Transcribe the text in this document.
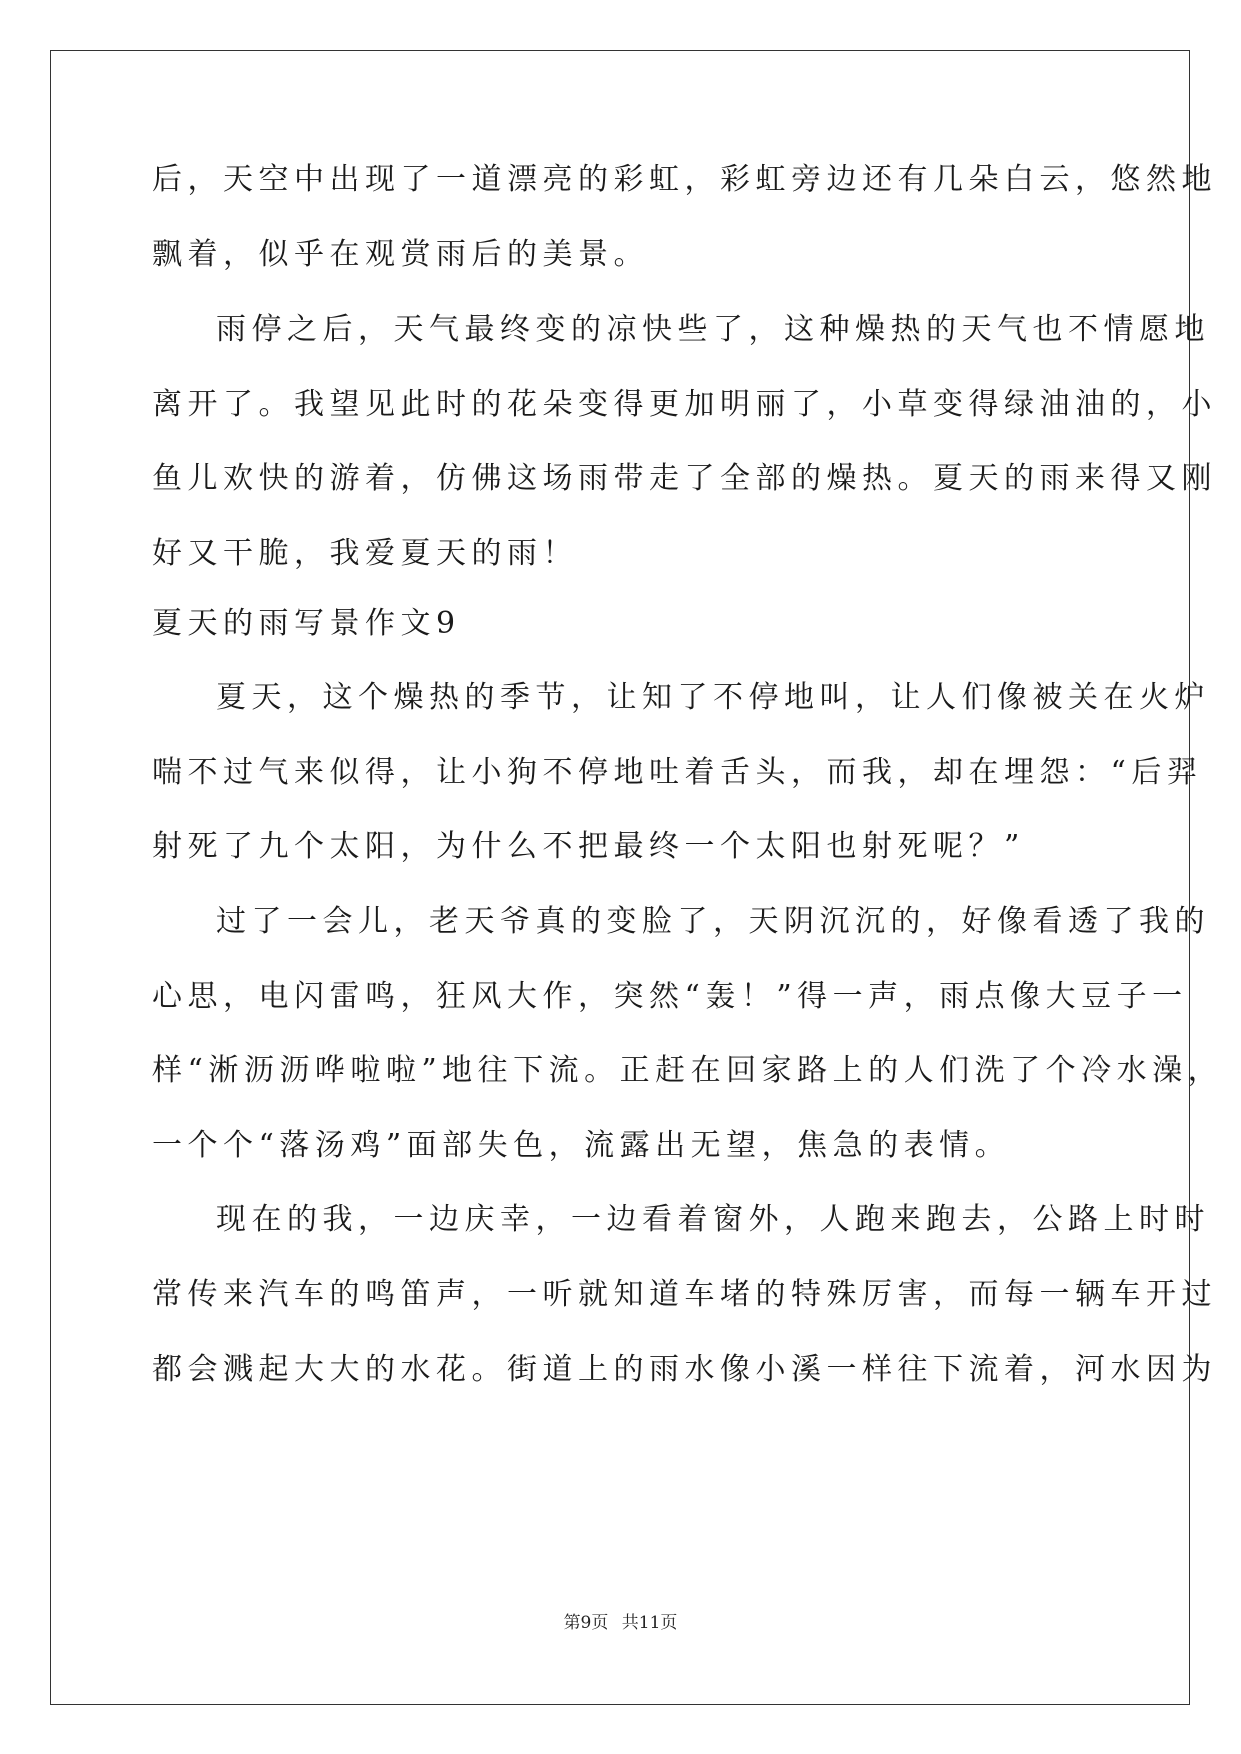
后，天空中出现了一道漂亮的彩虹，彩虹旁边还有几朵白云，悠然地

飘着，似乎在观赏雨后的美景。

雨停之后，天气最终变的凉快些了，这种燥热的天气也不情愿地

离开了。我望见此时的花朵变得更加明丽了，小草变得绿油油的，小

鱼儿欢快的游着，仿佛这场雨带走了全部的燥热。夏天的雨来得又刚

好又干脆，我爱夏天的雨！

夏天的雨写景作文9

夏天，这个燥热的季节，让知了不停地叫，让人们像被关在火炉

喘不过气来似得，让小狗不停地吐着舌头，而我，却在埋怨：“后羿

射死了九个太阳，为什么不把最终一个太阳也射死呢？”

过了一会儿，老天爷真的变脸了，天阴沉沉的，好像看透了我的

心思，电闪雷鸣，狂风大作，突然“轰！”得一声，雨点像大豆子一

样“淅沥沥哗啦啦”地往下流。正赶在回家路上的人们洗了个冷水澡，

一个个“落汤鸡”面部失色，流露出无望，焦急的表情。

现在的我，一边庆幸，一边看着窗外，人跑来跑去，公路上时时

常传来汽车的鸣笛声，一听就知道车堵的特殊厉害，而每一辆车开过

都会溅起大大的水花。街道上的雨水像小溪一样往下流着，河水因为

第9页 共11页
